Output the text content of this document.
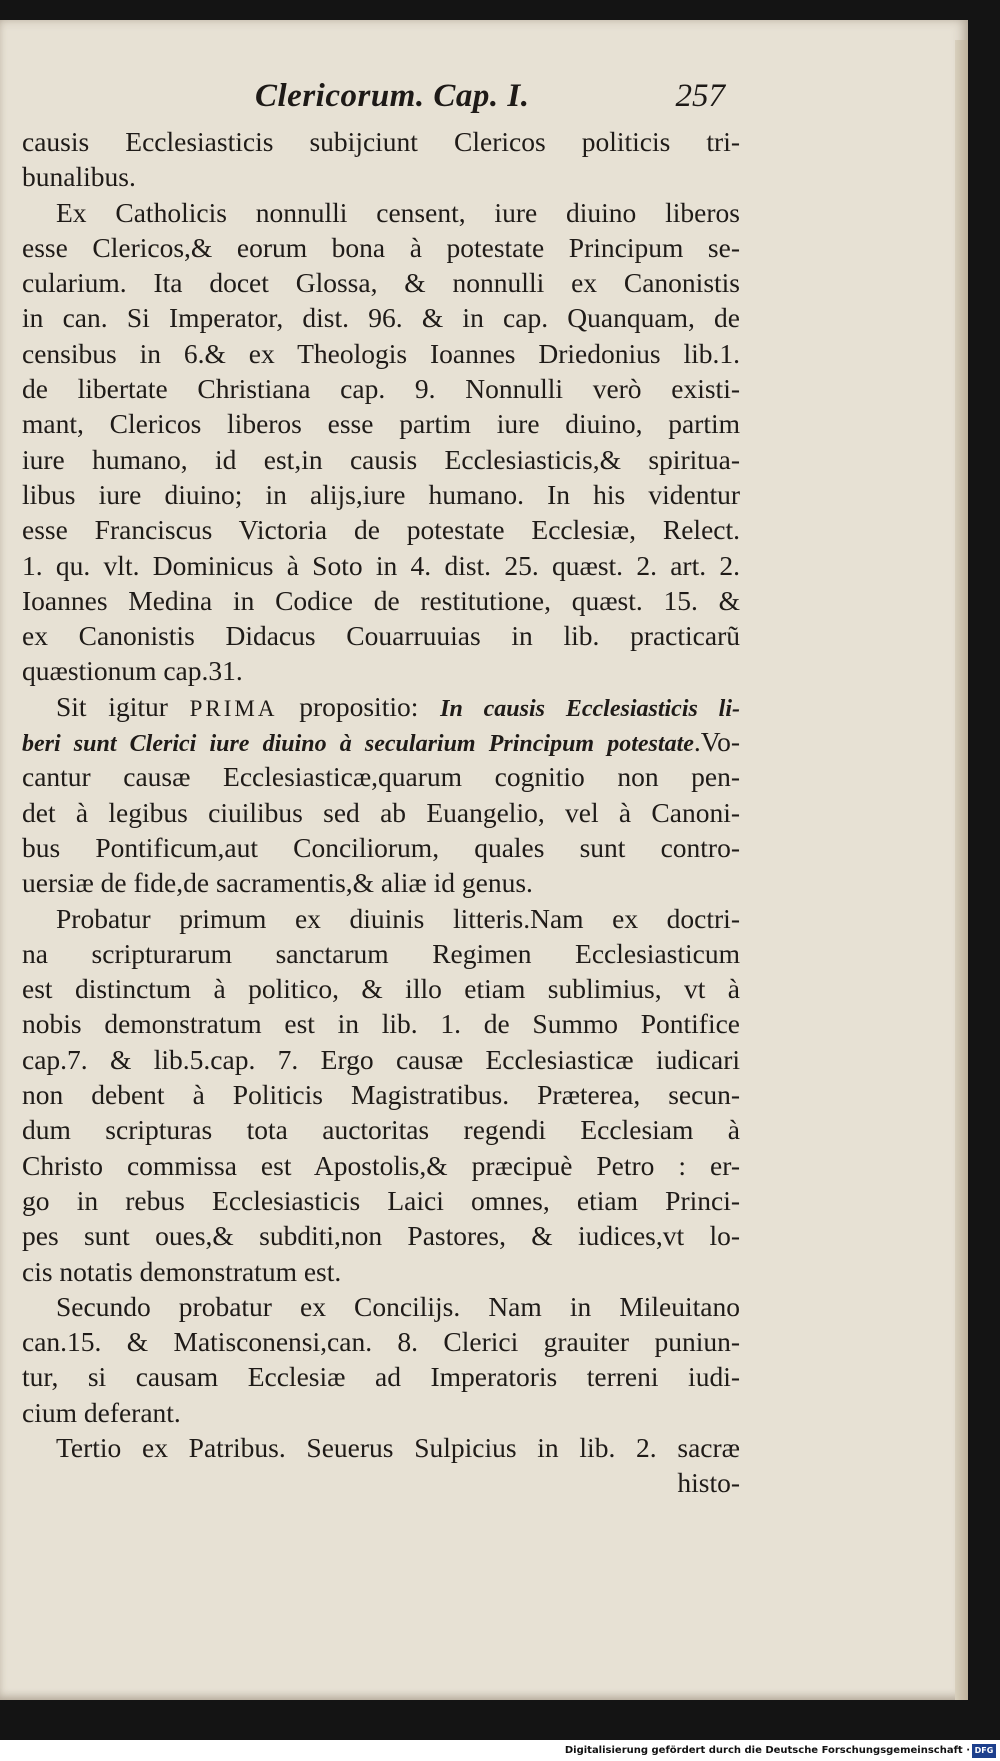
Clericorum. Cap. I.	257
causis Ecclesiasticis subijciunt Clericos politicis tri-
bunalibus.
Ex Catholicis nonnulli censent, iure diuino liberos
esse Clericos,& eorum bona à potestate Principum se-
cularium. Ita docet Glossa, & nonnulli ex Canonistis
in can. Si Imperator, dist. 96. & in cap. Quanquam, de
censibus in 6.& ex Theologis Ioannes Driedonius lib.1.
de libertate Christiana cap. 9. Nonnulli verò existi-
mant, Clericos liberos esse partim iure diuino, partim
iure humano, id est,in causis Ecclesiasticis,& spiritua-
libus iure diuino; in alijs,iure humano. In his videntur
esse Franciscus Victoria de potestate Ecclesiæ, Relect.
1. qu. vlt. Dominicus à Soto in 4. dist. 25. quæst. 2. art. 2.
Ioannes Medina in Codice de restitutione, quæst. 15. &
ex Canonistis Didacus Couarruuias in lib. practicarũ
quæstionum cap.31.
Sit igitur PRIMA propositio: In causis Ecclesiasticis li-
beri sunt Clerici iure diuino à secularium Principum potestate.Vo-
cantur causæ Ecclesiasticæ,quarum cognitio non pen-
det à legibus ciuilibus sed ab Euangelio, vel à Canoni-
bus Pontificum,aut Conciliorum, quales sunt contro-
uersiæ de fide,de sacramentis,& aliæ id genus.
Probatur primum ex diuinis litteris.Nam ex doctri-
na scripturarum sanctarum Regimen Ecclesiasticum
est distinctum à politico, & illo etiam sublimius, vt à
nobis demonstratum est in lib. 1. de Summo Pontifice
cap.7. & lib.5.cap. 7. Ergo causæ Ecclesiasticæ iudicari
non debent à Politicis Magistratibus. Præterea, secun-
dum scripturas tota auctoritas regendi Ecclesiam à
Christo commissa est Apostolis,& præcipuè Petro : er-
go in rebus Ecclesiasticis Laici omnes, etiam Princi-
pes sunt oues,& subditi,non Pastores, & iudices,vt lo-
cis notatis demonstratum est.
Secundo probatur ex Concilijs. Nam in Mileuitano
can.15. & Matisconensi,can. 8. Clerici grauiter puniun-
tur, si causam Ecclesiæ ad Imperatoris terreni iudi-
cium deferant.
Tertio ex Patribus. Seuerus Sulpicius in lib. 2. sacræ
histo-
Digitalisierung gefördert durch die Deutsche Forschungsgemeinschaft · DFG
